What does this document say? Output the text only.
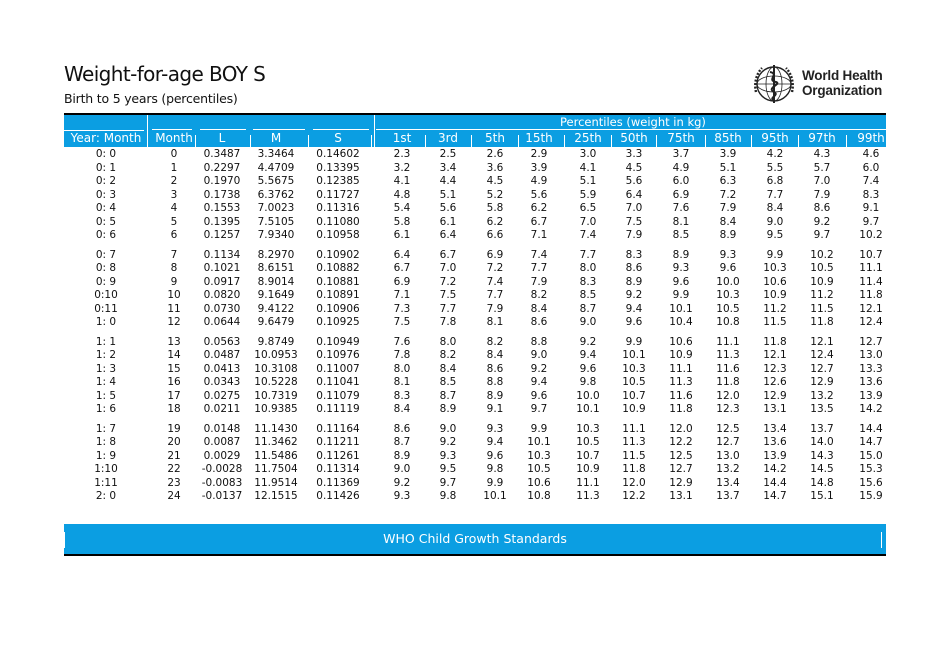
Weight-for-age BOY S
Birth to 5 years (percentiles)
World Health
Organization
Percentiles (weight in kg)
Year: Month	Month	L	M	S	1st	3rd	5th	15th	25th	50th	75th	85th	95th	97th	99th
0: 0	0	0.3487	3.3464	0.14602	2.3	2.5	2.6	2.9	3.0	3.3	3.7	3.9	4.2	4.3	4.6
0: 1	1	0.2297	4.4709	0.13395	3.2	3.4	3.6	3.9	4.1	4.5	4.9	5.1	5.5	5.7	6.0
0: 2	2	0.1970	5.5675	0.12385	4.1	4.4	4.5	4.9	5.1	5.6	6.0	6.3	6.8	7.0	7.4
0: 3	3	0.1738	6.3762	0.11727	4.8	5.1	5.2	5.6	5.9	6.4	6.9	7.2	7.7	7.9	8.3
0: 4	4	0.1553	7.0023	0.11316	5.4	5.6	5.8	6.2	6.5	7.0	7.6	7.9	8.4	8.6	9.1
0: 5	5	0.1395	7.5105	0.11080	5.8	6.1	6.2	6.7	7.0	7.5	8.1	8.4	9.0	9.2	9.7
0: 6	6	0.1257	7.9340	0.10958	6.1	6.4	6.6	7.1	7.4	7.9	8.5	8.9	9.5	9.7	10.2
0: 7	7	0.1134	8.2970	0.10902	6.4	6.7	6.9	7.4	7.7	8.3	8.9	9.3	9.9	10.2	10.7
0: 8	8	0.1021	8.6151	0.10882	6.7	7.0	7.2	7.7	8.0	8.6	9.3	9.6	10.3	10.5	11.1
0: 9	9	0.0917	8.9014	0.10881	6.9	7.2	7.4	7.9	8.3	8.9	9.6	10.0	10.6	10.9	11.4
0:10	10	0.0820	9.1649	0.10891	7.1	7.5	7.7	8.2	8.5	9.2	9.9	10.3	10.9	11.2	11.8
0:11	11	0.0730	9.4122	0.10906	7.3	7.7	7.9	8.4	8.7	9.4	10.1	10.5	11.2	11.5	12.1
1: 0	12	0.0644	9.6479	0.10925	7.5	7.8	8.1	8.6	9.0	9.6	10.4	10.8	11.5	11.8	12.4
1: 1	13	0.0563	9.8749	0.10949	7.6	8.0	8.2	8.8	9.2	9.9	10.6	11.1	11.8	12.1	12.7
1: 2	14	0.0487	10.0953	0.10976	7.8	8.2	8.4	9.0	9.4	10.1	10.9	11.3	12.1	12.4	13.0
1: 3	15	0.0413	10.3108	0.11007	8.0	8.4	8.6	9.2	9.6	10.3	11.1	11.6	12.3	12.7	13.3
1: 4	16	0.0343	10.5228	0.11041	8.1	8.5	8.8	9.4	9.8	10.5	11.3	11.8	12.6	12.9	13.6
1: 5	17	0.0275	10.7319	0.11079	8.3	8.7	8.9	9.6	10.0	10.7	11.6	12.0	12.9	13.2	13.9
1: 6	18	0.0211	10.9385	0.11119	8.4	8.9	9.1	9.7	10.1	10.9	11.8	12.3	13.1	13.5	14.2
1: 7	19	0.0148	11.1430	0.11164	8.6	9.0	9.3	9.9	10.3	11.1	12.0	12.5	13.4	13.7	14.4
1: 8	20	0.0087	11.3462	0.11211	8.7	9.2	9.4	10.1	10.5	11.3	12.2	12.7	13.6	14.0	14.7
1: 9	21	0.0029	11.5486	0.11261	8.9	9.3	9.6	10.3	10.7	11.5	12.5	13.0	13.9	14.3	15.0
1:10	22	-0.0028	11.7504	0.11314	9.0	9.5	9.8	10.5	10.9	11.8	12.7	13.2	14.2	14.5	15.3
1:11	23	-0.0083	11.9514	0.11369	9.2	9.7	9.9	10.6	11.1	12.0	12.9	13.4	14.4	14.8	15.6
2: 0	24	-0.0137	12.1515	0.11426	9.3	9.8	10.1	10.8	11.3	12.2	13.1	13.7	14.7	15.1	15.9
WHO Child Growth Standards
